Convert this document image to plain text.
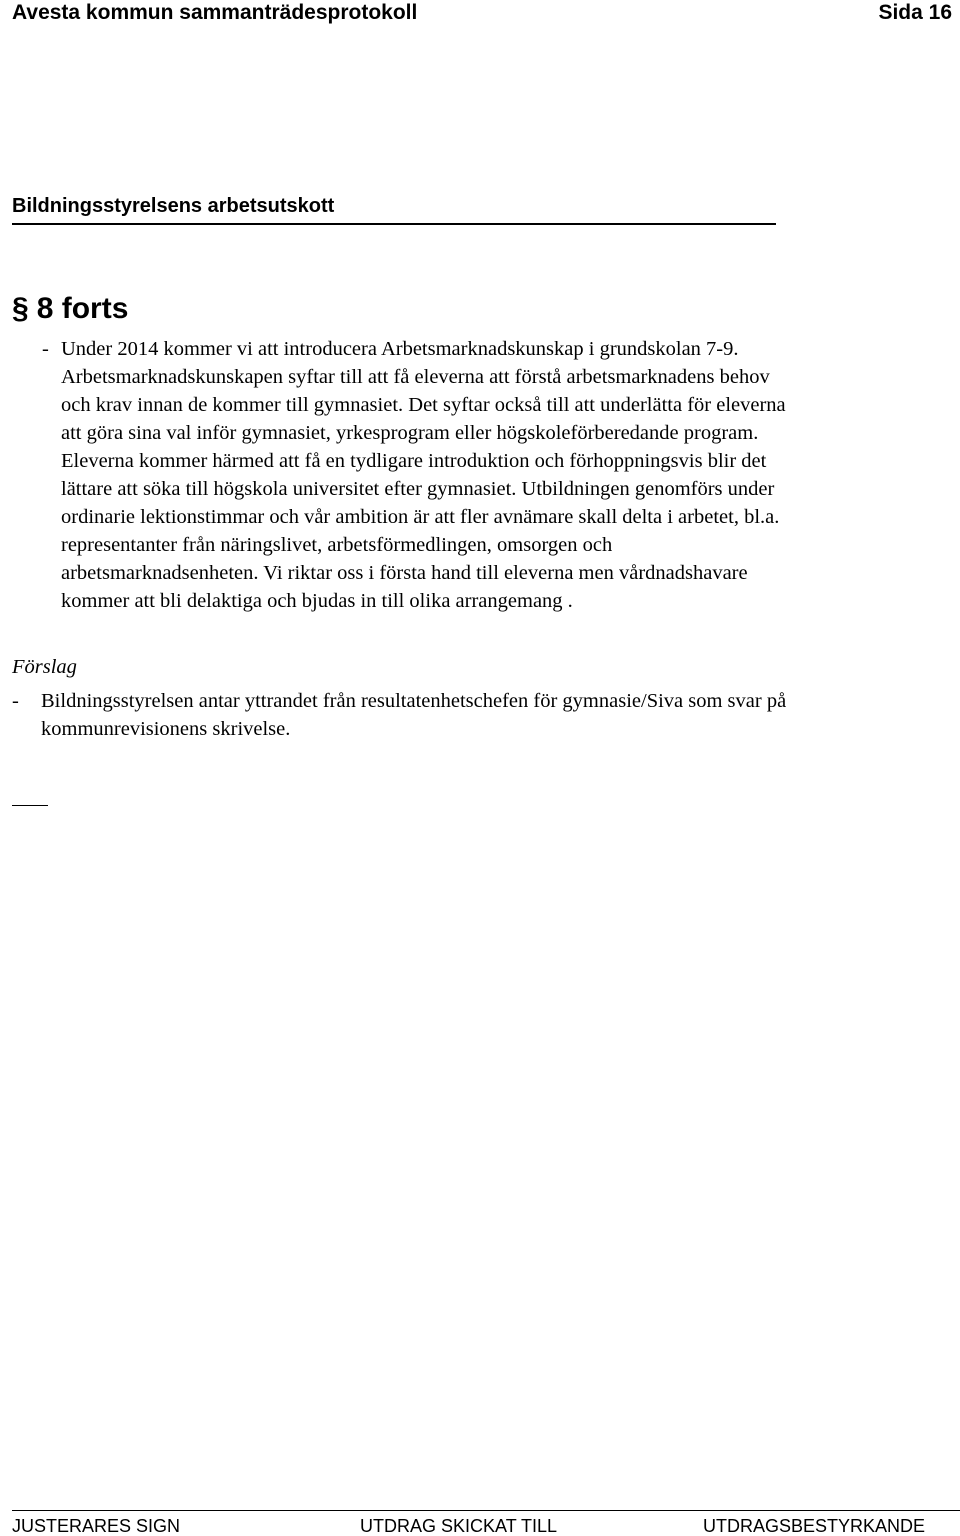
Avesta kommun sammanträdesprotokoll	Sida 16
Bildningsstyrelsens arbetsutskott
§ 8 forts
- Under 2014 kommer vi att introducera Arbetsmarknadskunskap i grundskolan 7-9.
Arbetsmarknadskunskapen syftar till att få eleverna att förstå arbetsmarknadens behov
och krav innan de kommer till gymnasiet. Det syftar också till att underlätta för eleverna
att göra sina val inför gymnasiet, yrkesprogram eller högskoleförberedande program.
Eleverna kommer härmed att få en tydligare introduktion och förhoppningsvis blir det
lättare att söka till högskola universitet efter gymnasiet. Utbildningen genomförs under
ordinarie lektionstimmar och vår ambition är att fler avnämare skall delta i arbetet, bl.a.
representanter från näringslivet, arbetsförmedlingen, omsorgen och
arbetsmarknadsenheten. Vi riktar oss i första hand till eleverna men vårdnadshavare
kommer att bli delaktiga och bjudas in till olika arrangemang .
Förslag
- Bildningsstyrelsen antar yttrandet från resultatenhetschefen för gymnasie/Siva som svar på
kommunrevisionens skrivelse.
JUSTERARES SIGN	UTDRAG SKICKAT TILL	UTDRAGSBESTYRKANDE
